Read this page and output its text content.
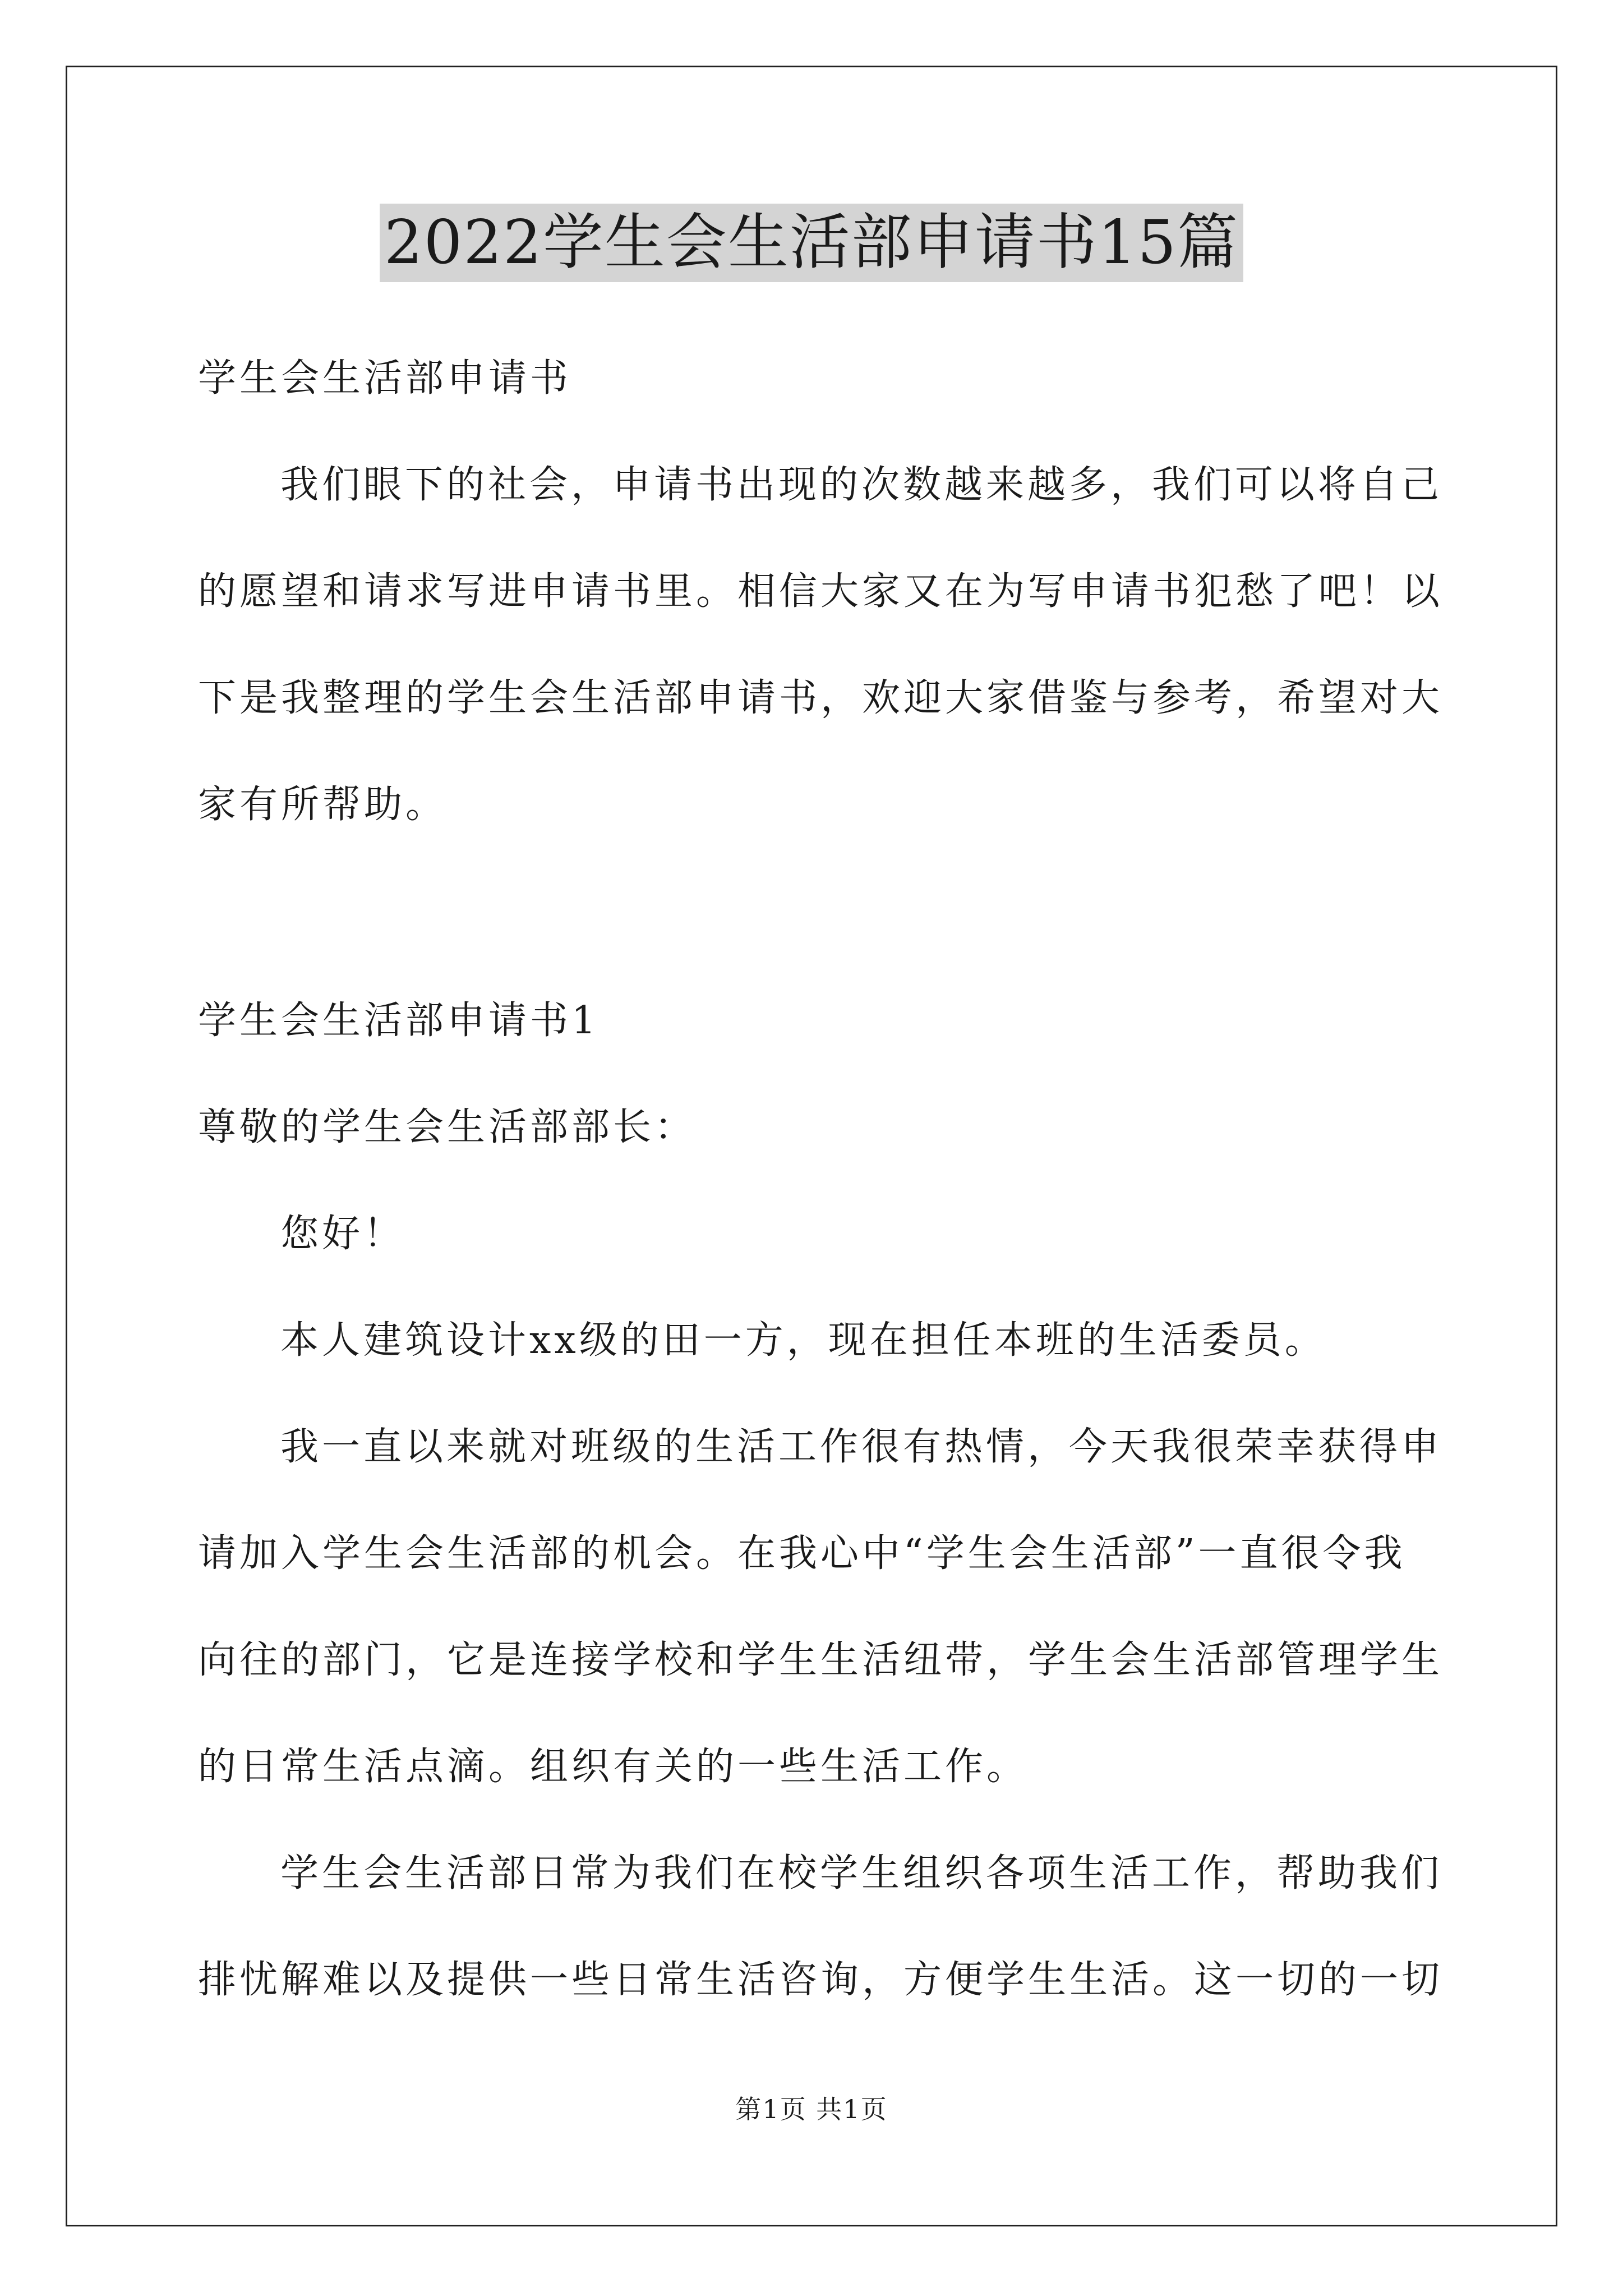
2022学生会生活部申请书15篇
学生会生活部申请书
我们眼下的社会，申请书出现的次数越来越多，我们可以将自己
的愿望和请求写进申请书里。相信大家又在为写申请书犯愁了吧！以
下是我整理的学生会生活部申请书，欢迎大家借鉴与参考，希望对大
家有所帮助。
学生会生活部申请书1
尊敬的学生会生活部部长：
您好！
本人建筑设计xx级的田一方，现在担任本班的生活委员。
我一直以来就对班级的生活工作很有热情，今天我很荣幸获得申
请加入学生会生活部的机会。在我心中“学生会生活部”一直很令我
向往的部门，它是连接学校和学生生活纽带，学生会生活部管理学生
的日常生活点滴。组织有关的一些生活工作。
学生会生活部日常为我们在校学生组织各项生活工作，帮助我们
排忧解难以及提供一些日常生活咨询，方便学生生活。这一切的一切
第1页 共1页
